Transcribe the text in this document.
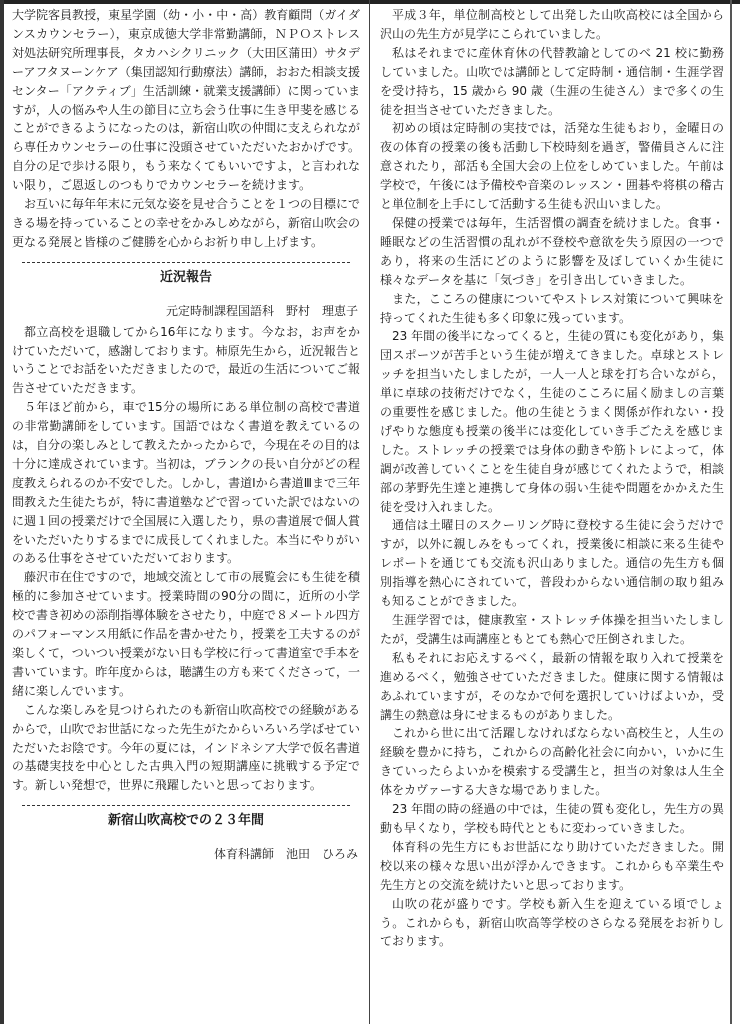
大学院客員教授，東星学園（幼・小・中・高）教育顧問（ガイダンスカウンセラー），東京成徳大学非常勤講師，ＮＰＯストレス対処法研究所理事長，タカハシクリニック（大田区蒲田）サタデーアフタヌーンケア（集団認知行動療法）講師，おおた相談支援センター「アクティブ」生活訓練・就業支援講師）に関っていますが，人の悩みや人生の節目に立ち会う仕事に生き甲斐を感じることができるようになったのは，新宿山吹の仲間に支えられながら専任カウンセラーの仕事に没頭させていただいたおかげです。自分の足で歩ける限り，もう来なくてもいいですよ，と言われない限り，ご恩返しのつもりでカウンセラーを続けます。

お互いに毎年年末に元気な姿を見せ合うことを１つの目標にできる場を持っていることの幸せをかみしめながら，新宿山吹会の更なる発展と皆様のご健勝を心からお祈り申し上げます。

近況報告
元定時制課程国語科 野村　理恵子

都立高校を退職してから16年になります。今なお，お声をかけていただいて，感謝しております。柿原先生から，近況報告ということでお話をいただきましたので，最近の生活についてご報告させていただきます。

５年ほど前から，車で15分の場所にある単位制の高校で書道の非常勤講師をしています。国語ではなく書道を教えているのは，自分の楽しみとして教えたかったからで，今現在その目的は十分に達成されています。当初は，ブランクの長い自分がどの程度教えられるのか不安でした。しかし，書道Ⅰから書道Ⅲまで三年間教えた生徒たちが，特に書道塾などで習っていた訳ではないのに週１回の授業だけで全国展に入選したり，県の書道展で個人賞をいただいたりするまでに成長してくれました。本当にやりがいのある仕事をさせていただいております。

藤沢市在住ですので，地域交流として市の展覧会にも生徒を積極的に参加させています。授業時間の90分の間に，近所の小学校で書き初めの添削指導体験をさせたり，中庭で８メートル四方のパフォーマンス用紙に作品を書かせたり，授業を工夫するのが楽しくて，ついつい授業がない日も学校に行って書道室で手本を書いています。昨年度からは，聴講生の方も来てくださって，一緒に楽しんでいます。

こんな楽しみを見つけられたのも新宿山吹高校での経験があるからで，山吹でお世話になった先生がたからいろいろ学ばせていただいたお陰です。今年の夏には，インドネシア大学で仮名書道の基礎実技を中心とした古典入門の短期講座に挑戦する予定です。新しい発想で，世界に飛躍したいと思っております。

新宿山吹高校での２３年間
体育科講師 池田　ひろみ

平成３年，単位制高校として出発した山吹高校には全国から沢山の先生方が見学にこられていました。

私はそれまでに産休育休の代替教諭としてのべ 21 校に勤務していました。山吹では講師として定時制・通信制・生涯学習を受け持ち，15 歳から 90 歳（生涯の生徒さん）まで多くの生徒を担当させていただきました。

初めの頃は定時制の実技では，活発な生徒もおり，金曜日の夜の体育の授業の後も活動し下校時刻を過ぎ，警備員さんに注意されたり，部活も全国大会の上位をしめていました。午前は学校で，午後には予備校や音楽のレッスン・囲碁や将棋の稽古と単位制を上手にして活動する生徒も沢山いました。

保健の授業では毎年，生活習慣の調査を続けました。食事・睡眠などの生活習慣の乱れが不登校や意欲を失う原因の一つであり，将来の生活にどのように影響を及ぼしていくか生徒に様々なデータを基に「気づき」を引き出していきました。

また，こころの健康についてやストレス対策について興味を持ってくれた生徒も多く印象に残っています。

23 年間の後半になってくると，生徒の質にも変化があり，集団スポーツが苦手という生徒が増えてきました。卓球とストレッチを担当いたしましたが，一人一人と球を打ち合いながら，単に卓球の技術だけでなく，生徒のこころに届く励ましの言葉の重要性を感じました。他の生徒とうまく関係が作れない・投げやりな態度も授業の後半には変化していき手ごたえを感じました。ストレッチの授業では身体の動きや筋トレによって，体調が改善していくことを生徒自身が感じてくれたようで，相談部の茅野先生達と連携して身体の弱い生徒や問題をかかえた生徒を受け入れました。

通信は土曜日のスクーリング時に登校する生徒に会うだけですが，以外に親しみをもってくれ，授業後に相談に来る生徒やレポートを通じても交流も沢山ありました。通信の先生方も個別指導を熱心にされていて，普段わからない通信制の取り組みも知ることができました。

生涯学習では，健康教室・ストレッチ体操を担当いたしましたが，受講生は両講座ともとても熱心で圧倒されました。

私もそれにお応えするべく，最新の情報を取り入れて授業を進めるべく，勉強させていただきました。健康に関する情報はあふれていますが，そのなかで何を選択していけばよいか，受講生の熱意は身にせまるものがありました。

これから世に出て活躍しなければならない高校生と，人生の経験を豊かに持ち，これからの高齢化社会に向かい，いかに生きていったらよいかを模索する受講生と，担当の対象は人生全体をカヴァーする大きな場でありました。

23 年間の時の経過の中では，生徒の質も変化し，先生方の異動も早くなり，学校も時代とともに変わっていきました。

体育科の先生方にもお世話になり助けていただきました。開校以来の様々な思い出が浮かんできます。これからも卒業生や先生方との交流を続けたいと思っております。

山吹の花が盛りです。学校も新入生を迎えている頃でしょう。これからも，新宿山吹高等学校のさらなる発展をお祈りしております。
